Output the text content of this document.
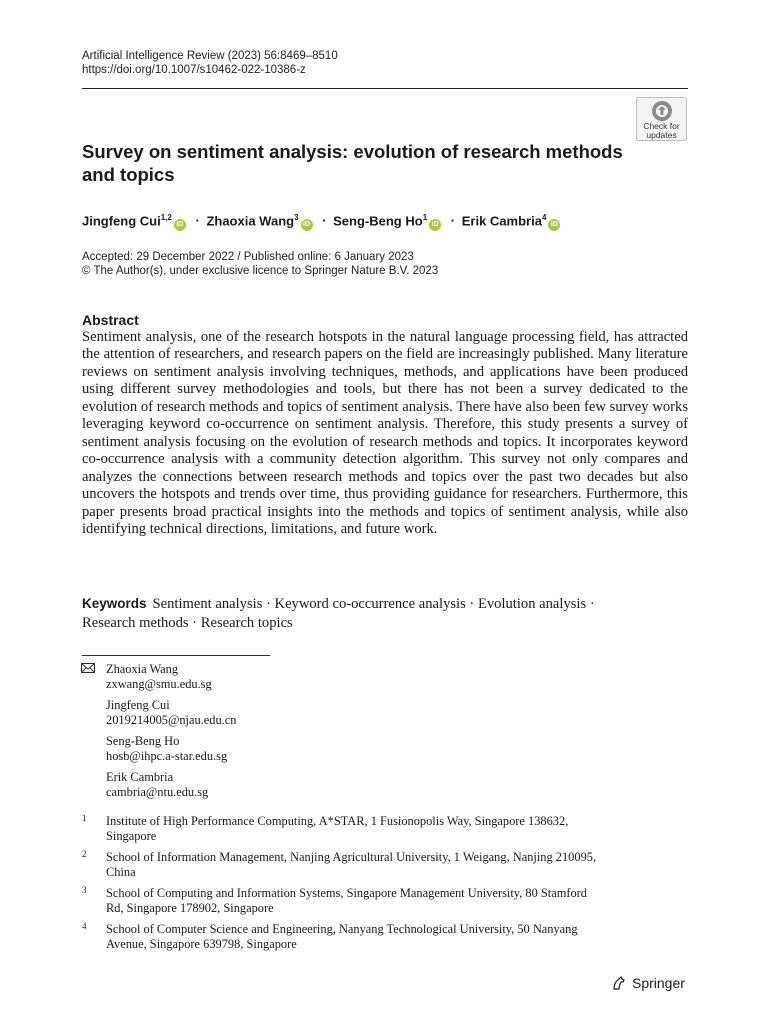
Artificial Intelligence Review (2023) 56:8469–8510
https://doi.org/10.1007/s10462-022-10386-z
Check for
updates
Survey on sentiment analysis: evolution of research methods
and topics
Jingfeng Cui$^{1,2}$iD · Zhaoxia Wang$^3$iD · Seng-Beng $Ho^1iD$ · Erik Cambria$^4$iD
Accepted: 29 December 2022 / Published online: 6 January 2023
© The Author(s), under exclusive licence to Springer Nature B.V. 2023
Abstract

Sentiment analysis, one of the research hotspots in the natural language processing field, has attracted the attention of researchers, and research papers on the field are increasingly published. Many literature reviews on sentiment analysis involving techniques, methods, and applications have been produced using different survey methodologies and tools, but there has not been a survey dedicated to the evolution of research methods and topics of sentiment analysis. There have also been few survey works leveraging keyword co-occurrence on sentiment analysis. Therefore, this study presents a survey of sentiment analysis focusing on the evolution of research methods and topics. It incorporates keyword co-occurrence analysis with a community detection algorithm. This survey not only compares and analyzes the connections between research methods and topics over the past two decades but also uncovers the hotspots and trends over time, thus providing guidance for researchers. Furthermore, this paper presents broad practical insights into the methods and topics of sentiment analysis, while also identifying technical directions, limitations, and future work.

Keywords Sentiment analysis · Keyword co-occurrence analysis · Evolution analysis ·
Research methods · Research topics
Zhaoxia Wang
zxwang@smu.edu.sg
Jingfeng Cui
2019214005@njau.edu.cn
Seng-Beng Ho
hosb@ihpc.a-star.edu.sg
Erik Cambria
cambria@ntu.edu.sg
1 Institute of High Performance Computing, A*STAR, 1 Fusionopolis Way, Singapore 138632,
Singapore
2 School of Information Management, Nanjing Agricultural University, 1 Weigang, Nanjing 210095,
China
3 School of Computing and Information Systems, Singapore Management University, 80 Stamford
Rd, Singapore 178902, Singapore
4 School of Computer Science and Engineering, Nanyang Technological University, 50 Nanyang
Avenue, Singapore 639798, Singapore
Springer
